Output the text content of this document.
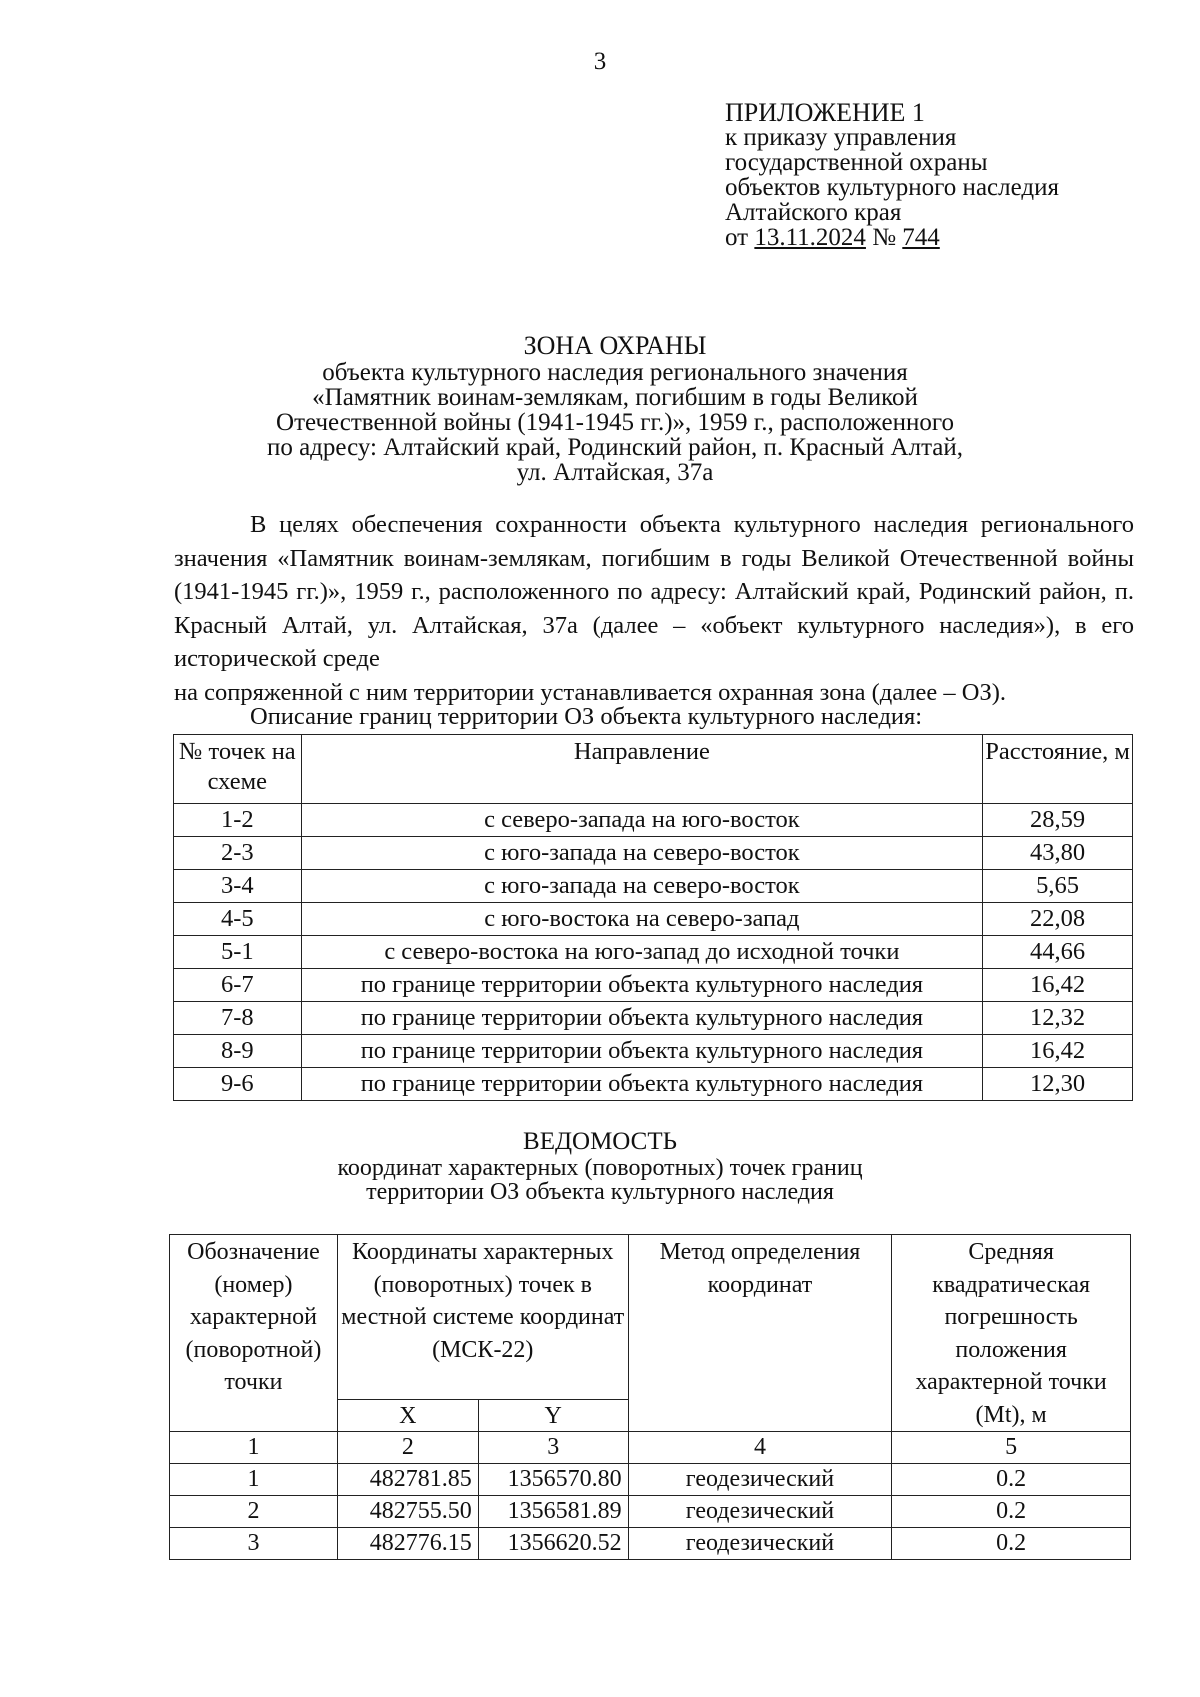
3
ПРИЛОЖЕНИЕ 1
к приказу управления
государственной охраны
объектов культурного наследия
Алтайского края
от 13.11.2024 № 744
ЗОНА ОХРАНЫ
объекта культурного наследия регионального значения
«Памятник воинам-землякам, погибшим в годы Великой
Отечественной войны (1941-1945 гг.)», 1959 г., расположенного
по адресу: Алтайский край, Родинский район, п. Красный Алтай,
ул. Алтайская, 37а
В целях обеспечения сохранности объекта культурного наследия регионального значения «Памятник воинам-землякам, погибшим в годы Великой Отечественной войны (1941-1945 гг.)», 1959 г., расположенного по адресу: Алтайский край, Родинский район, п. Красный Алтай, ул. Алтайская, 37а (далее – «объект культурного наследия»), в его исторической среде
на сопряженной с ним территории устанавливается охранная зона (далее – ОЗ).
Описание границ территории ОЗ объекта культурного наследия:
№ точек на схеме	Направление	Расстояние, м
1-2	с северо-запада на юго-восток	28,59
2-3	с юго-запада на северо-восток	43,80
3-4	с юго-запада на северо-восток	5,65
4-5	с юго-востока на северо-запад	22,08
5-1	с северо-востока на юго-запад до исходной точки	44,66
6-7	по границе территории объекта культурного наследия	16,42
7-8	по границе территории объекта культурного наследия	12,32
8-9	по границе территории объекта культурного наследия	16,42
9-6	по границе территории объекта культурного наследия	12,30
ВЕДОМОСТЬ
координат характерных (поворотных) точек границ
территории ОЗ объекта культурного наследия
Обозначение (номер) характерной (поворотной) точки	Координаты характерных (поворотных) точек в местной системе координат (МСК-22)		Метод определения координат	Средняя квадратическая погрешность положения характерной точки (Mt), м
	X	Y		
1	2	3	4	5
1	482781.85	1356570.80	геодезический	0.2
2	482755.50	1356581.89	геодезический	0.2
3	482776.15	1356620.52	геодезический	0.2
